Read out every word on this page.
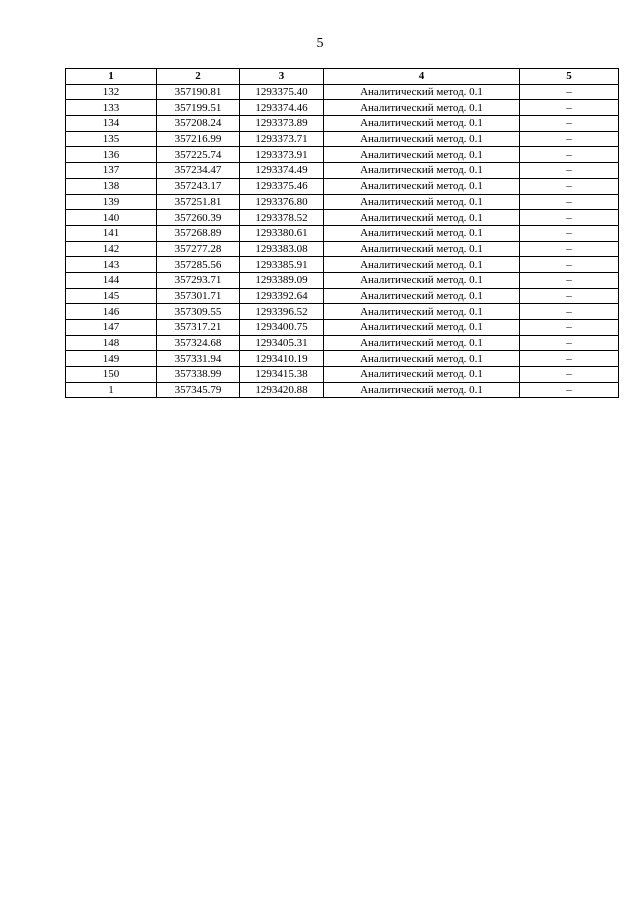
5
1	2	3	4	5
132	357190.81	1293375.40	Аналитический метод. 0.1	–
133	357199.51	1293374.46	Аналитический метод. 0.1	–
134	357208.24	1293373.89	Аналитический метод. 0.1	–
135	357216.99	1293373.71	Аналитический метод. 0.1	–
136	357225.74	1293373.91	Аналитический метод. 0.1	–
137	357234.47	1293374.49	Аналитический метод. 0.1	–
138	357243.17	1293375.46	Аналитический метод. 0.1	–
139	357251.81	1293376.80	Аналитический метод. 0.1	–
140	357260.39	1293378.52	Аналитический метод. 0.1	–
141	357268.89	1293380.61	Аналитический метод. 0.1	–
142	357277.28	1293383.08	Аналитический метод. 0.1	–
143	357285.56	1293385.91	Аналитический метод. 0.1	–
144	357293.71	1293389.09	Аналитический метод. 0.1	–
145	357301.71	1293392.64	Аналитический метод. 0.1	–
146	357309.55	1293396.52	Аналитический метод. 0.1	–
147	357317.21	1293400.75	Аналитический метод. 0.1	–
148	357324.68	1293405.31	Аналитический метод. 0.1	–
149	357331.94	1293410.19	Аналитический метод. 0.1	–
150	357338.99	1293415.38	Аналитический метод. 0.1	–
1	357345.79	1293420.88	Аналитический метод. 0.1	–
